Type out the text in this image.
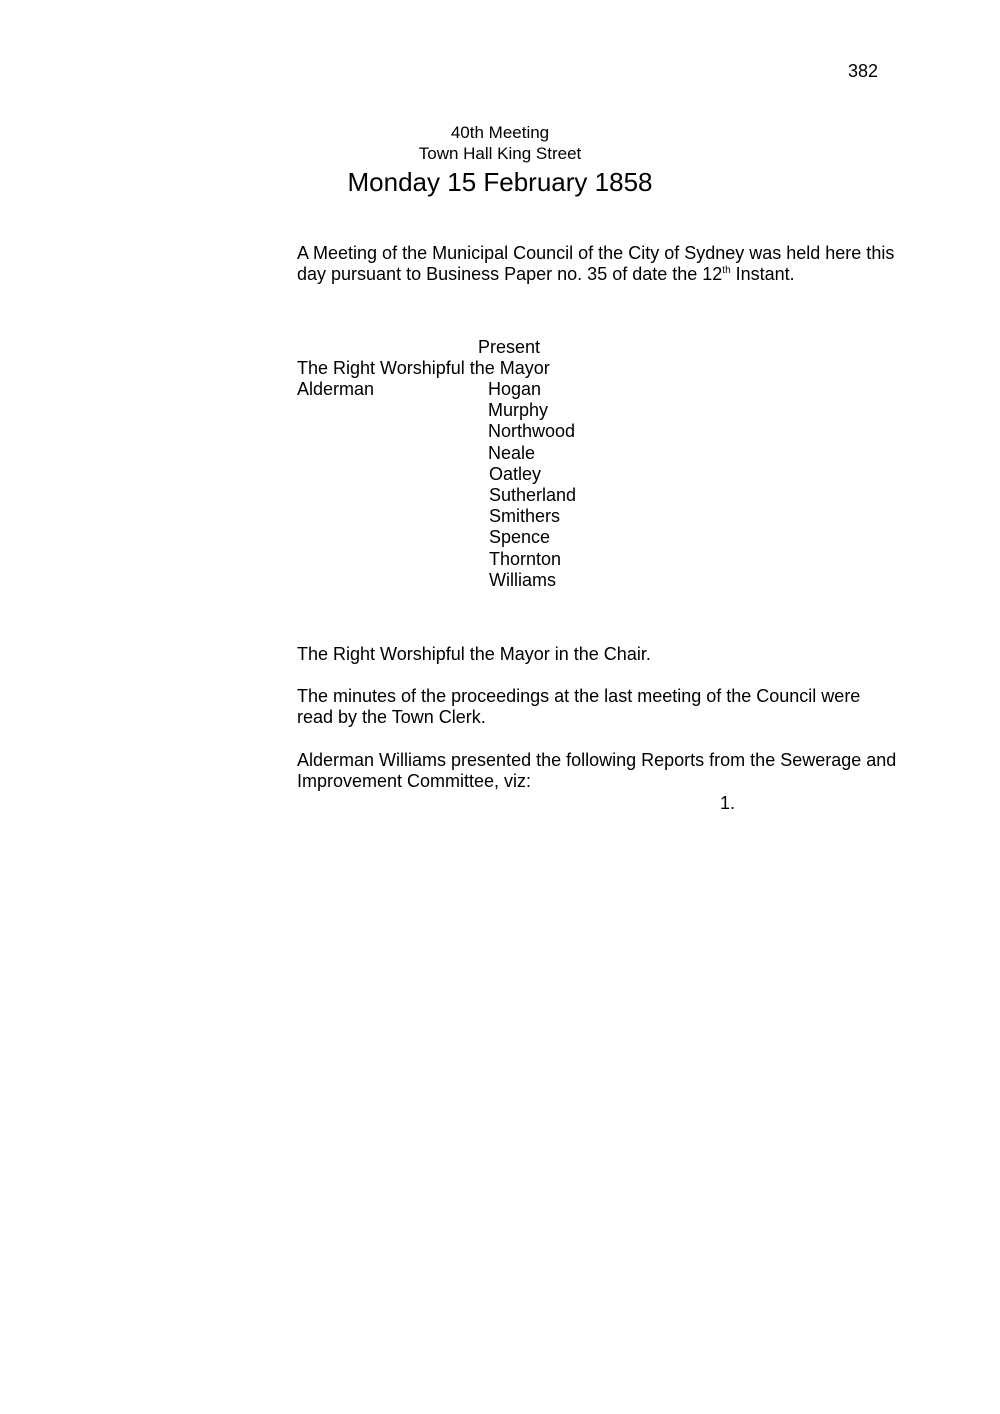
382
40th Meeting
Town Hall King Street
Monday 15 February 1858

A Meeting of the Municipal Council of the City of Sydney was held here this day pursuant to Business Paper no. 35 of date the 12th Instant.

Present
The Right Worshipful the Mayor
Alderman	Hogan
Murphy
Northwood
Neale
Oatley
Sutherland
Smithers
Spence
Thornton
Williams

The Right Worshipful the Mayor in the Chair.

The minutes of the proceedings at the last meeting of the Council were read by the Town Clerk.

Alderman Williams presented the following Reports from the Sewerage and Improvement Committee, viz:

1.
